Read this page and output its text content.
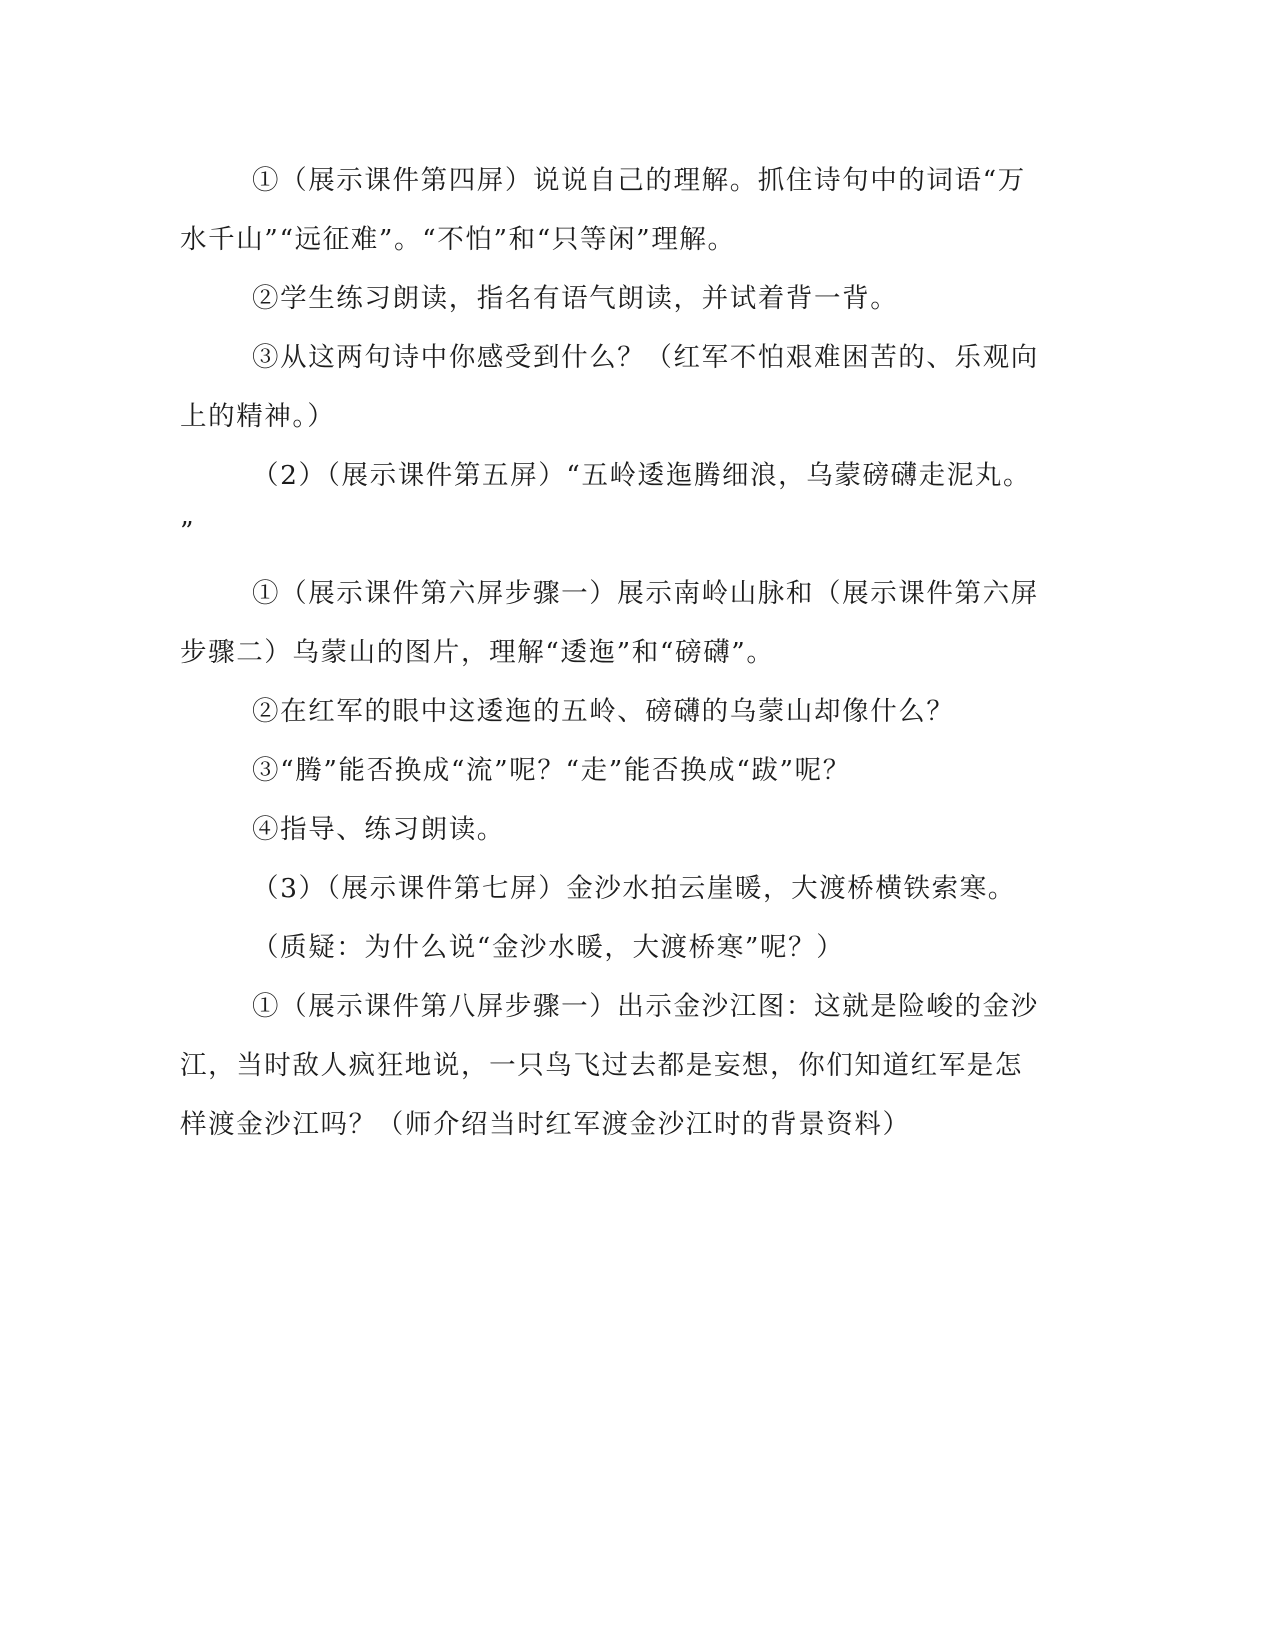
①（展示课件第四屏）说说自己的理解。抓住诗句中的词语“万

水千山”“远征难”。“不怕”和“只等闲”理解。

②学生练习朗读，指名有语气朗读，并试着背一背。

③从这两句诗中你感受到什么？（红军不怕艰难困苦的、乐观向

上的精神。）

（2）（展示课件第五屏）“五岭逶迤腾细浪，乌蒙磅礴走泥丸。

”

①（展示课件第六屏步骤一）展示南岭山脉和（展示课件第六屏

步骤二）乌蒙山的图片，理解“逶迤”和“磅礴”。

②在红军的眼中这逶迤的五岭、磅礴的乌蒙山却像什么？

③“腾”能否换成“流”呢？“走”能否换成“跋”呢？

④指导、练习朗读。

（3）（展示课件第七屏）金沙水拍云崖暖，大渡桥横铁索寒。

（质疑：为什么说“金沙水暖，大渡桥寒”呢？）

①（展示课件第八屏步骤一）出示金沙江图：这就是险峻的金沙

江，当时敌人疯狂地说，一只鸟飞过去都是妄想，你们知道红军是怎

样渡金沙江吗？（师介绍当时红军渡金沙江时的背景资料）
